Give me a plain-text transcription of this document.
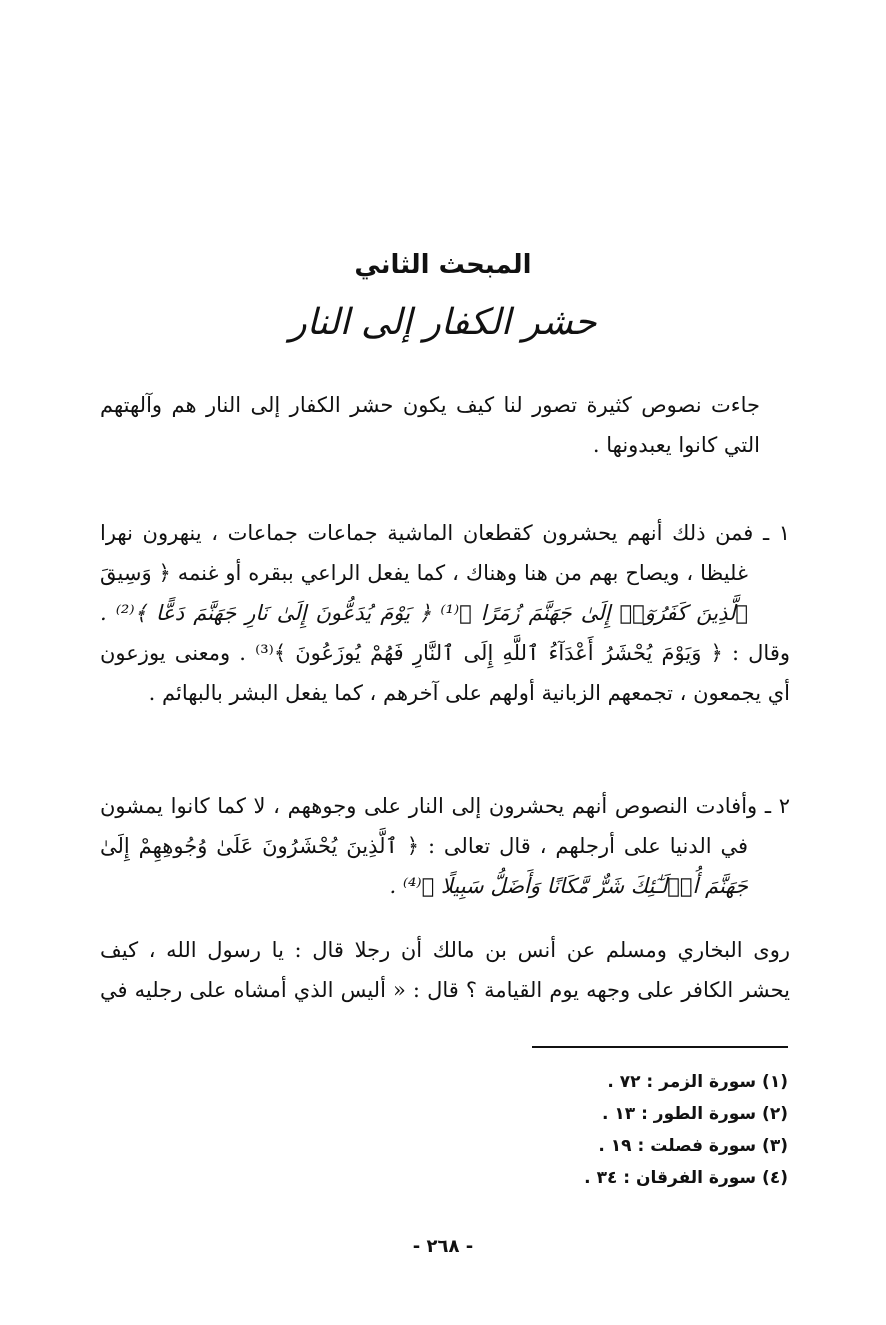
المبحث الثاني
حشر الكفار إلى النار
جاءت نصوص كثيرة تصور لنا كيف يكون حشر الكفار إلى النار هم وآلهتهم
التي كانوا يعبدونها .
١ ـ فمن ذلك أنهم يحشرون كقطعان الماشية جماعات جماعات ، ينهرون نهرا
غليظا ، ويصاح بهم من هنا وهناك ، كما يفعل الراعي ببقره أو غنمه ﴿ وَسِيقَ
ٱلَّذِينَ كَفَرُوٓا۟ إِلَىٰ جَهَنَّمَ زُمَرًا ﴾⁽¹⁾ ﴿ يَوْمَ يُدَعُّونَ إِلَىٰ نَارِ جَهَنَّمَ دَعًّا ﴾⁽²⁾ .
وقال : ﴿ وَيَوْمَ يُحْشَرُ أَعْدَآءُ ٱللَّهِ إِلَى ٱلنَّارِ فَهُمْ يُوزَعُونَ ﴾⁽³⁾ . ومعنى يوزعون
أي يجمعون ، تجمعهم الزبانية أولهم على آخرهم ، كما يفعل البشر بالبهائم .
٢ ـ وأفادت النصوص أنهم يحشرون إلى النار على وجوههم ، لا كما كانوا يمشون
في الدنيا على أرجلهم ، قال تعالى : ﴿ ٱلَّذِينَ يُحْشَرُونَ عَلَىٰ وُجُوهِهِمْ إِلَىٰ
جَهَنَّمَ أُو۟لَـٰٓئِكَ شَرٌّ مَّكَانًا وَأَضَلُّ سَبِيلًا ﴾⁽⁴⁾ .
روى البخاري ومسلم عن أنس بن مالك أن رجلا قال : يا رسول الله ، كيف
يحشر الكافر على وجهه يوم القيامة ؟ قال : « أليس الذي أمشاه على رجليه في
(١) سورة الزمر : ٧٢ .
(٢) سورة الطور : ١٣ .
(٣) سورة فصلت : ١٩ .
(٤) سورة الفرقان : ٣٤ .
- ٢٦٨ -
